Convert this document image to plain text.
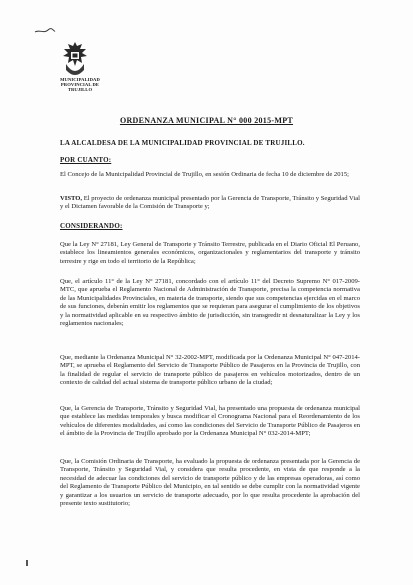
MUNICIPALIDAD PROVINCIAL DE TRUJILLO
ORDENANZA MUNICIPAL N° 000 2015-MPT
LA ALCALDESA DE LA MUNICIPALIDAD PROVINCIAL DE TRUJILLO.
POR CUANTO:
El Concejo de la Municipalidad Provincial de Trujillo, en sesión Ordinaria de fecha 10 de diciembre de 2015;
VISTO, El proyecto de ordenanza municipal presentado por la Gerencia de Transporte, Tránsito y Seguridad Vial y el Dictamen favorable de la Comisión de Transporte y;
CONSIDERANDO:
Que la Ley N° 27181, Ley General de Transporte y Tránsito Terrestre, publicada en el Diario Oficial El Peruano, establece los lineamientos generales económicos, organizacionales y reglamentarios del transporte y tránsito terrestre y rige en todo el territorio de la República;
Que, el artículo 11° de la Ley N° 27181, concordado con el artículo 11° del Decreto Supremo N° 017-2009-MTC, que aprueba el Reglamento Nacional de Administración de Transporte, precisa la competencia normativa de las Municipalidades Provinciales, en materia de transporte, siendo que sus competencias ejercidas en el marco de sus funciones, deberán emitir los reglamentos que se requieran para asegurar el cumplimiento de los objetivos y la normatividad aplicable en su respectivo ámbito de jurisdicción, sin transgredir ni desnaturalizar la Ley y los reglamentos nacionales;
Que, mediante la Ordenanza Municipal N° 32-2002-MPT, modificada por la Ordenanza Municipal N° 047-2014-MPT, se aprueba el Reglamento del Servicio de Transporte Público de Pasajeros en la Provincia de Trujillo, con la finalidad de regular el servicio de transporte público de pasajeros en vehículos motorizados, dentro de un contexto de calidad del actual sistema de transporte público urbano de la ciudad;
Que, la Gerencia de Transporte, Tránsito y Seguridad Vial, ha presentado una propuesta de ordenanza municipal que establece las medidas temporales y busca modificar el Cronograma Nacional para el Reordenamiento de los vehículos de diferentes modalidades, así como las condiciones del Servicio de Transporte Público de Pasajeros en el ámbito de la Provincia de Trujillo aprobado por la Ordenanza Municipal N° 032-2014-MPT;
Que, la Comisión Ordinaria de Transporte, ha evaluado la propuesta de ordenanza presentada por la Gerencia de Transporte, Tránsito y Seguridad Vial, y considera que resulta procedente, en vista de que responde a la necesidad de adecuar las condiciones del servicio de transporte público y de las empresas operadoras, así como del Reglamento de Transporte Público del Municipio, en tal sentido se debe cumplir con la normatividad vigente y garantizar a los usuarios un servicio de transporte adecuado, por lo que resulta procedente la aprobación del presente texto sustitutorio;
